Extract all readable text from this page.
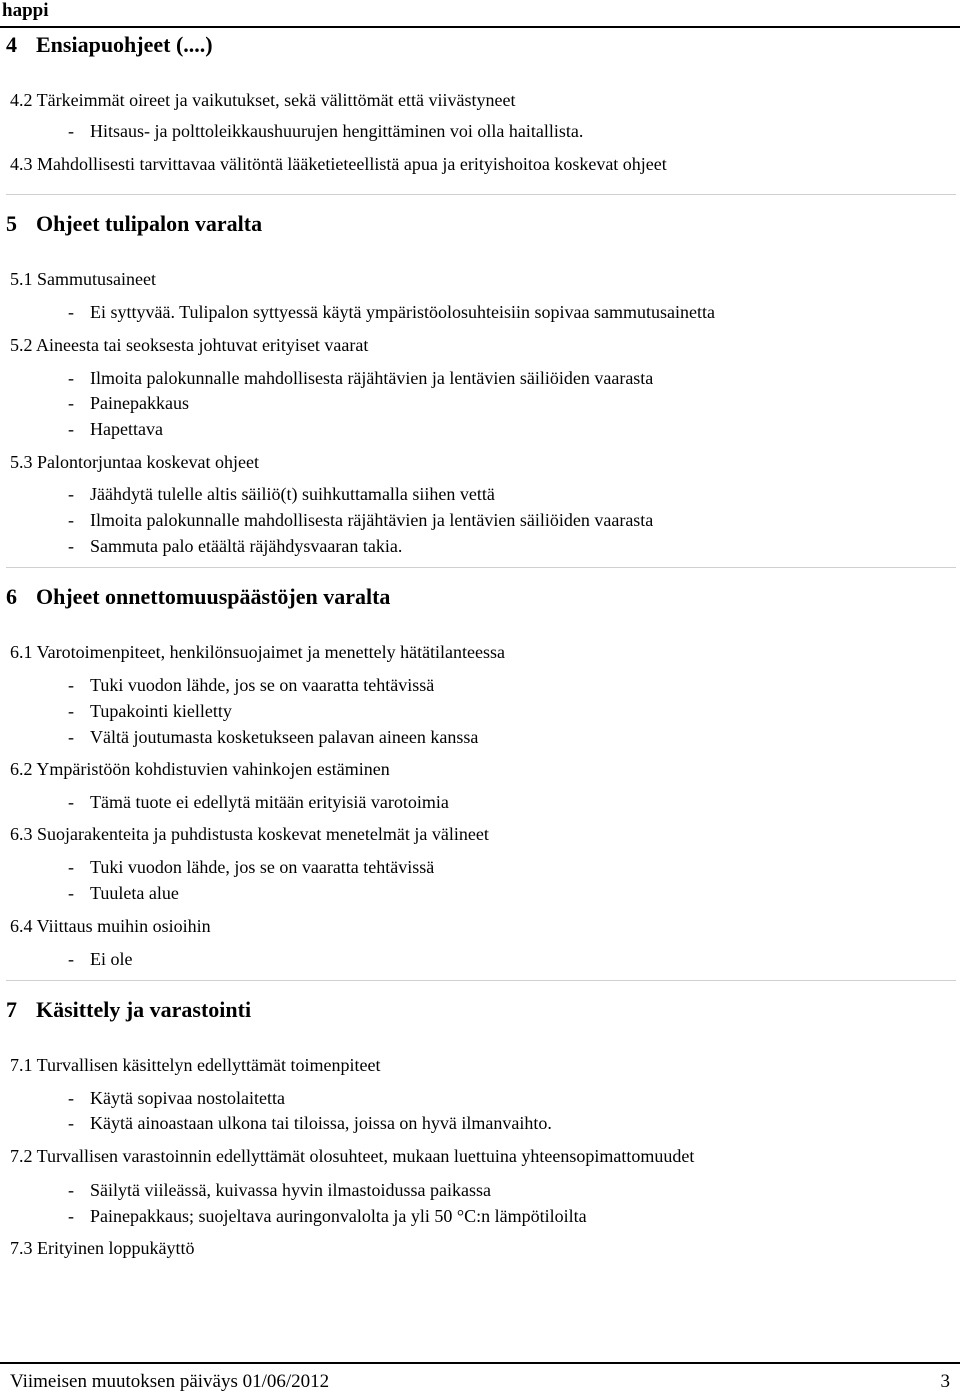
happi
4 Ensiapuohjeet (....)
4.2 Tärkeimmät oireet ja vaikutukset, sekä välittömät että viivästyneet
- Hitsaus- ja polttoleikkaushuurujen hengittäminen voi olla haitallista.
4.3 Mahdollisesti tarvittavaa välitöntä lääketieteellistä apua ja erityishoitoa koskevat ohjeet
5 Ohjeet tulipalon varalta
5.1 Sammutusaineet
- Ei syttyvää. Tulipalon syttyessä käytä ympäristöolosuhteisiin sopivaa sammutusainetta
5.2 Aineesta tai seoksesta johtuvat erityiset vaarat
- Ilmoita palokunnalle mahdollisesta räjähtävien ja lentävien säiliöiden vaarasta
- Painepakkaus
- Hapettava
5.3 Palontorjuntaa koskevat ohjeet
- Jäähdytä tulelle altis säiliö(t) suihkuttamalla siihen vettä
- Ilmoita palokunnalle mahdollisesta räjähtävien ja lentävien säiliöiden vaarasta
- Sammuta palo etäältä räjähdysvaaran takia.
6 Ohjeet onnettomuuspäästöjen varalta
6.1 Varotoimenpiteet, henkilönsuojaimet ja menettely hätätilanteessa
- Tuki vuodon lähde, jos se on vaaratta tehtävissä
- Tupakointi kielletty
- Vältä joutumasta kosketukseen palavan aineen kanssa
6.2 Ympäristöön kohdistuvien vahinkojen estäminen
- Tämä tuote ei edellytä mitään erityisiä varotoimia
6.3 Suojarakenteita ja puhdistusta koskevat menetelmät ja välineet
- Tuki vuodon lähde, jos se on vaaratta tehtävissä
- Tuuleta alue
6.4 Viittaus muihin osioihin
- Ei ole
7 Käsittely ja varastointi
7.1 Turvallisen käsittelyn edellyttämät toimenpiteet
- Käytä sopivaa nostolaitetta
- Käytä ainoastaan ulkona tai tiloissa, joissa on hyvä ilmanvaihto.
7.2 Turvallisen varastoinnin edellyttämät olosuhteet, mukaan luettuina yhteensopimattomuudet
- Säilytä viileässä, kuivassa hyvin ilmastoidussa paikassa
- Painepakkaus; suojeltava auringonvalolta ja yli 50 °C:n lämpötiloilta
7.3 Erityinen loppukäyttö
Viimeisen muutoksen päiväys 01/06/2012	3
